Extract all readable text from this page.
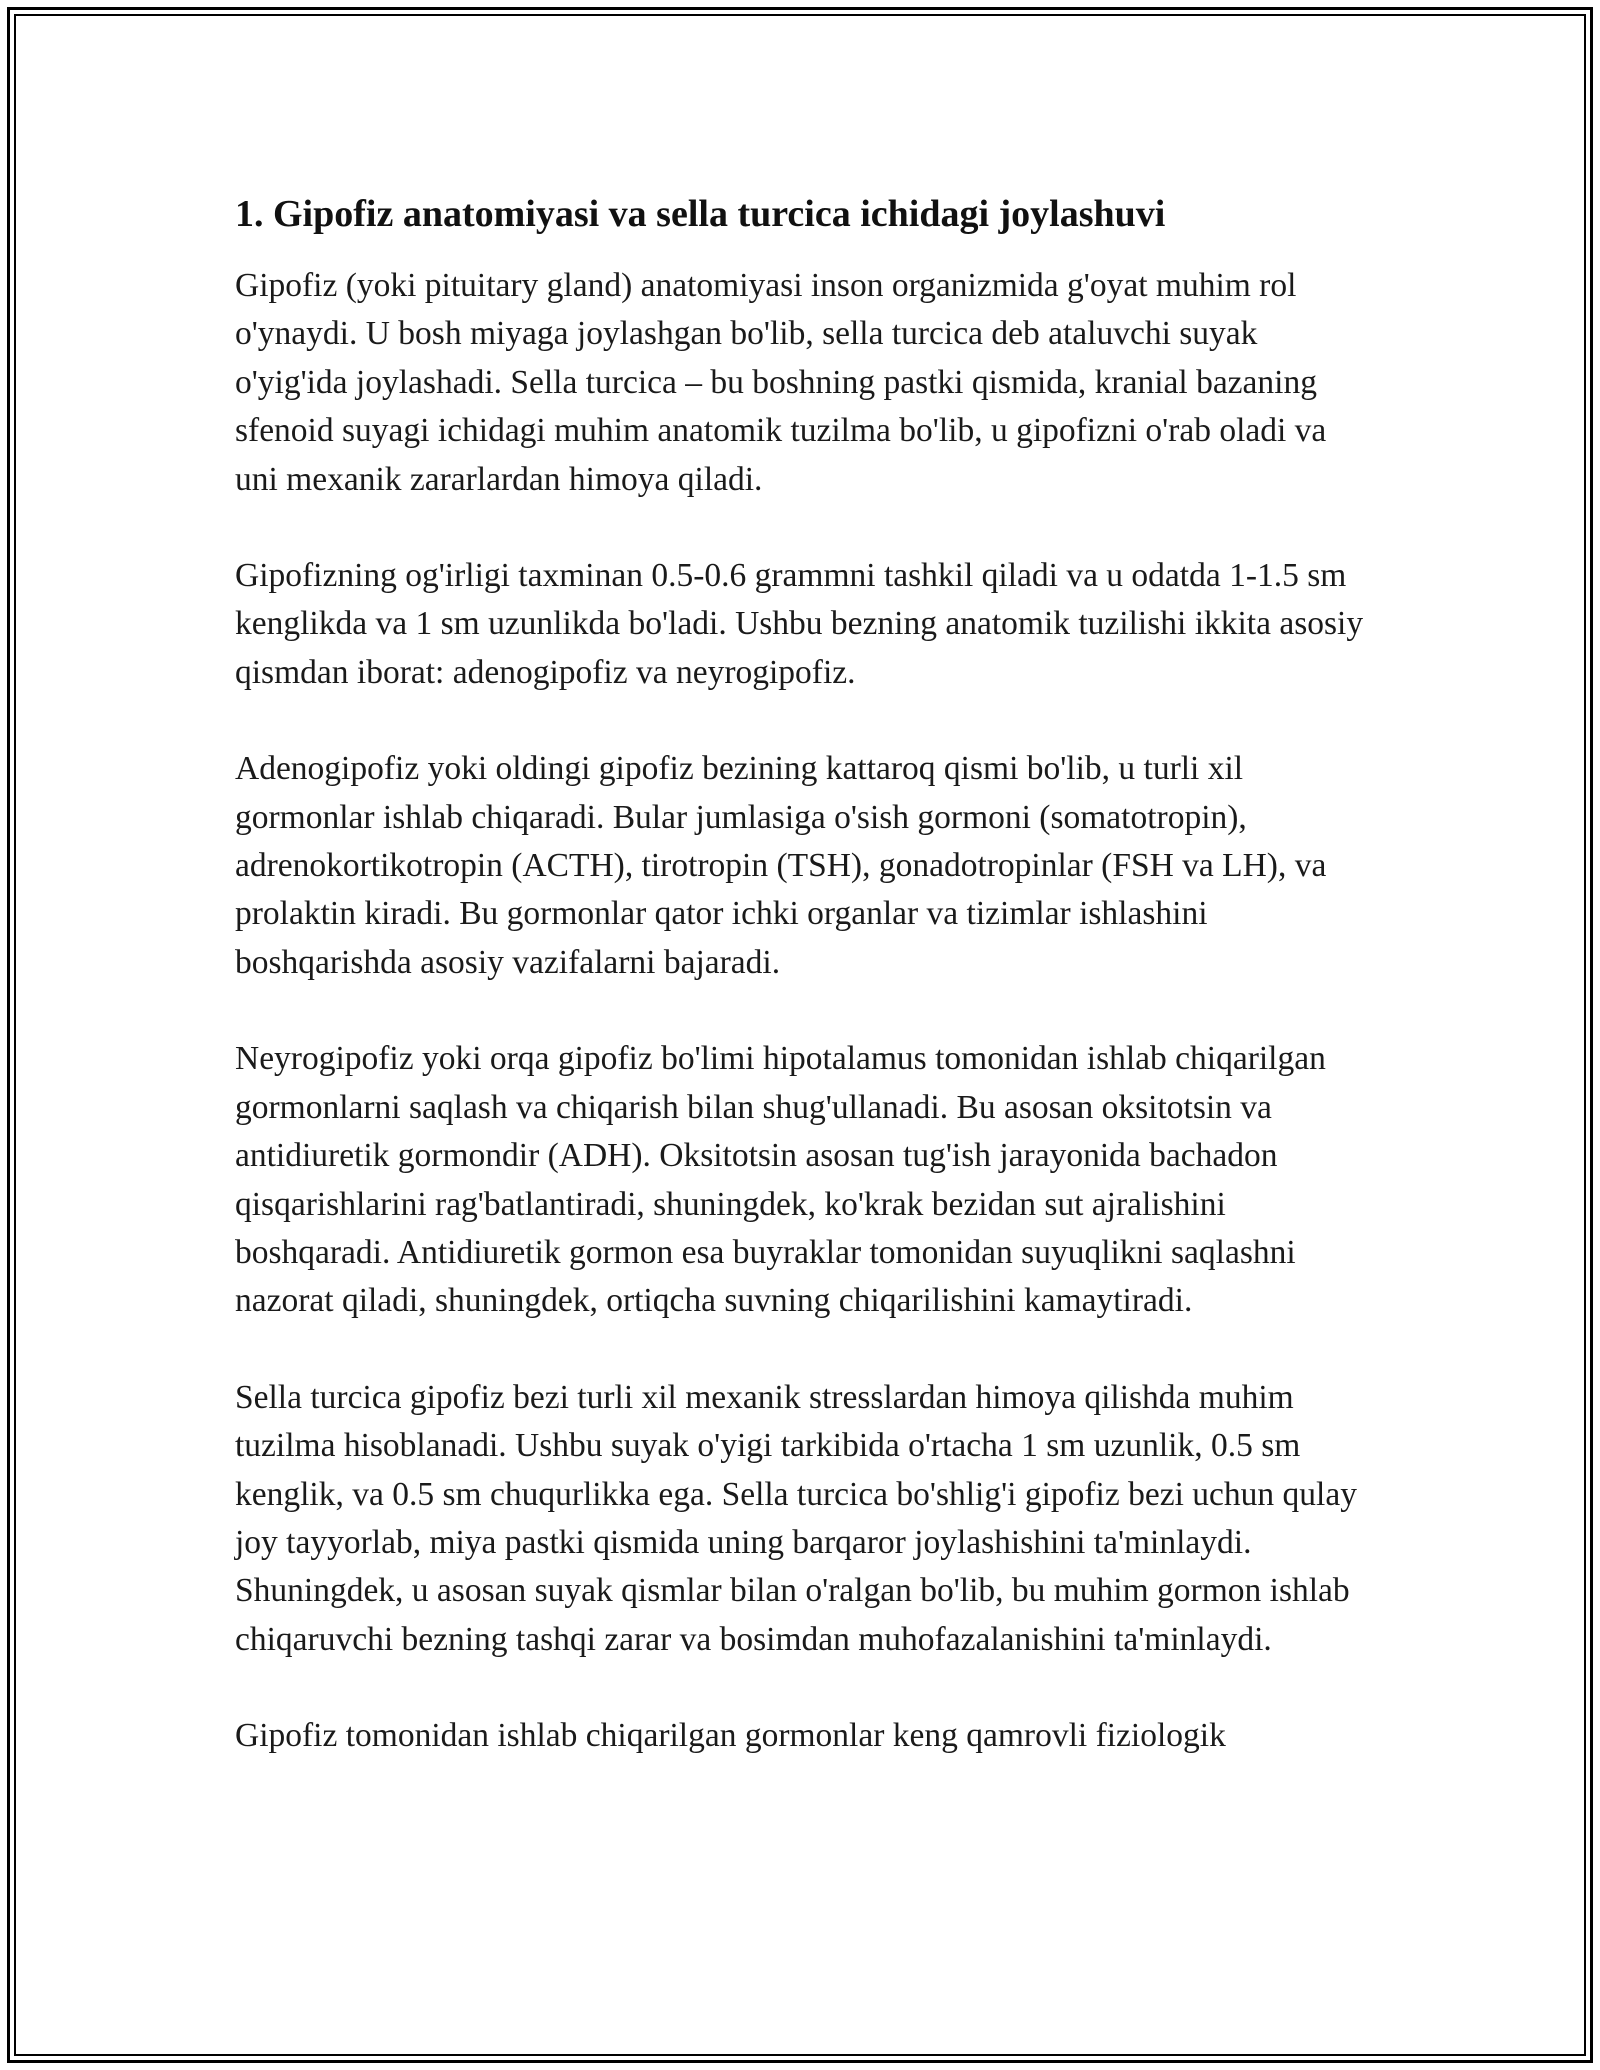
1. Gipofiz anatomiyasi va sella turcica ichidagi joylashuvi

Gipofiz (yoki pituitary gland) anatomiyasi inson organizmida g'oyat muhim rol o'ynaydi. U bosh miyaga joylashgan bo'lib, sella turcica deb ataluvchi suyak o'yig'ida joylashadi. Sella turcica – bu boshning pastki qismida, kranial bazaning sfenoid suyagi ichidagi muhim anatomik tuzilma bo'lib, u gipofizni o'rab oladi va uni mexanik zararlardan himoya qiladi.

Gipofizning og'irligi taxminan 0.5-0.6 grammni tashkil qiladi va u odatda 1-1.5 sm kenglikda va 1 sm uzunlikda bo'ladi. Ushbu bezning anatomik tuzilishi ikkita asosiy qismdan iborat: adenogipofiz va neyrogipofiz.

Adenogipofiz yoki oldingi gipofiz bezining kattaroq qismi bo'lib, u turli xil gormonlar ishlab chiqaradi. Bular jumlasiga o'sish gormoni (somatotropin), adrenokortikotropin (ACTH), tirotropin (TSH), gonadotropinlar (FSH va LH), va prolaktin kiradi. Bu gormonlar qator ichki organlar va tizimlar ishlashini boshqarishda asosiy vazifalarni bajaradi.

Neyrogipofiz yoki orqa gipofiz bo'limi hipotalamus tomonidan ishlab chiqarilgan gormonlarni saqlash va chiqarish bilan shug'ullanadi. Bu asosan oksitotsin va antidiuretik gormondir (ADH). Oksitotsin asosan tug'ish jarayonida bachadon qisqarishlarini rag'batlantiradi, shuningdek, ko'krak bezidan sut ajralishini boshqaradi. Antidiuretik gormon esa buyraklar tomonidan suyuqlikni saqlashni nazorat qiladi, shuningdek, ortiqcha suvning chiqarilishini kamaytiradi.

Sella turcica gipofiz bezi turli xil mexanik stresslardan himoya qilishda muhim tuzilma hisoblanadi. Ushbu suyak o'yigi tarkibida o'rtacha 1 sm uzunlik, 0.5 sm kenglik, va 0.5 sm chuqurlikka ega. Sella turcica bo'shlig'i gipofiz bezi uchun qulay joy tayyorlab, miya pastki qismida uning barqaror joylashishini ta'minlaydi. Shuningdek, u asosan suyak qismlar bilan o'ralgan bo'lib, bu muhim gormon ishlab chiqaruvchi bezning tashqi zarar va bosimdan muhofazalanishini ta'minlaydi.

Gipofiz tomonidan ishlab chiqarilgan gormonlar keng qamrovli fiziologik
